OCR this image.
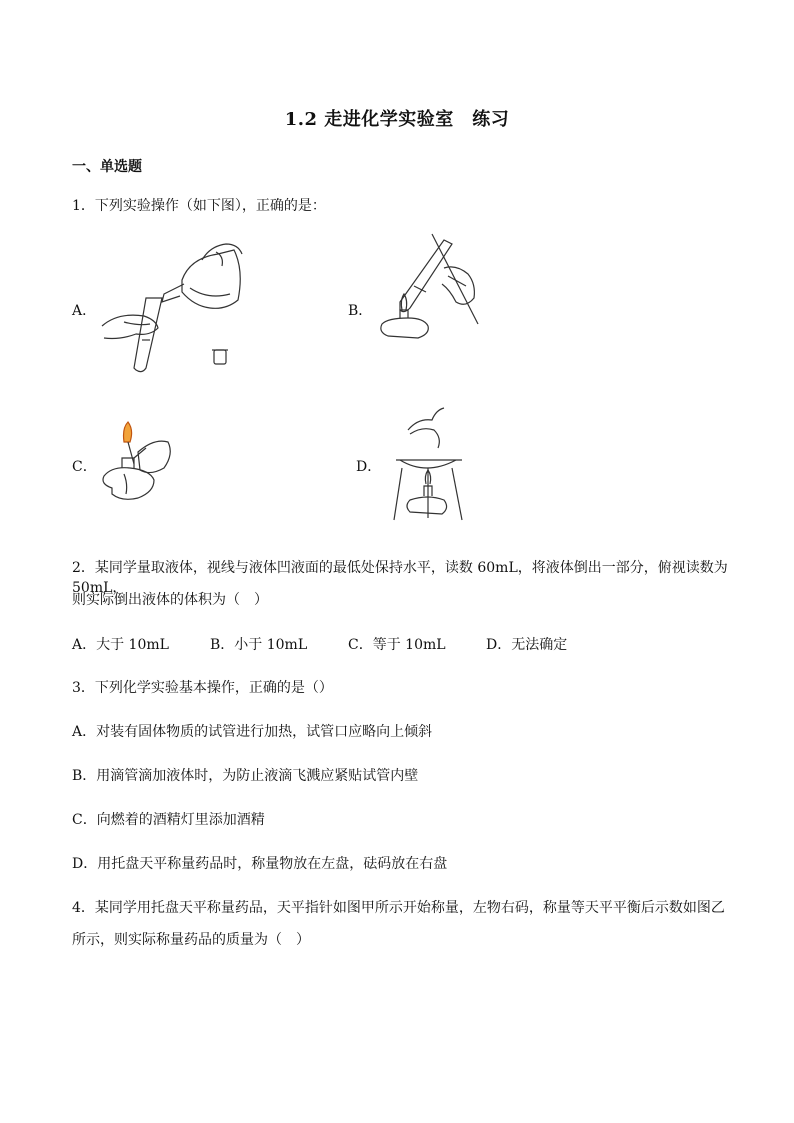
1.2 走进化学实验室　练习
一、单选题
1．下列实验操作（如下图），正确的是：
A．	B．
C．	D．
2．某同学量取液体，视线与液体凹液面的最低处保持水平，读数 60mL，将液体倒出一部分，俯视读数为 50mL，
则实际倒出液体的体积为（　）
A．大于 10mL	B．小于 10mL	C．等于 10mL	D．无法确定
3．下列化学实验基本操作，正确的是（）
A．对装有固体物质的试管进行加热，试管口应略向上倾斜
B．用滴管滴加液体时，为防止液滴飞溅应紧贴试管内壁
C．向燃着的酒精灯里添加酒精
D．用托盘天平称量药品时，称量物放在左盘，砝码放在右盘
4．某同学用托盘天平称量药品，天平指针如图甲所示开始称量，左物右码，称量等天平平衡后示数如图乙
所示，则实际称量药品的质量为（　）
